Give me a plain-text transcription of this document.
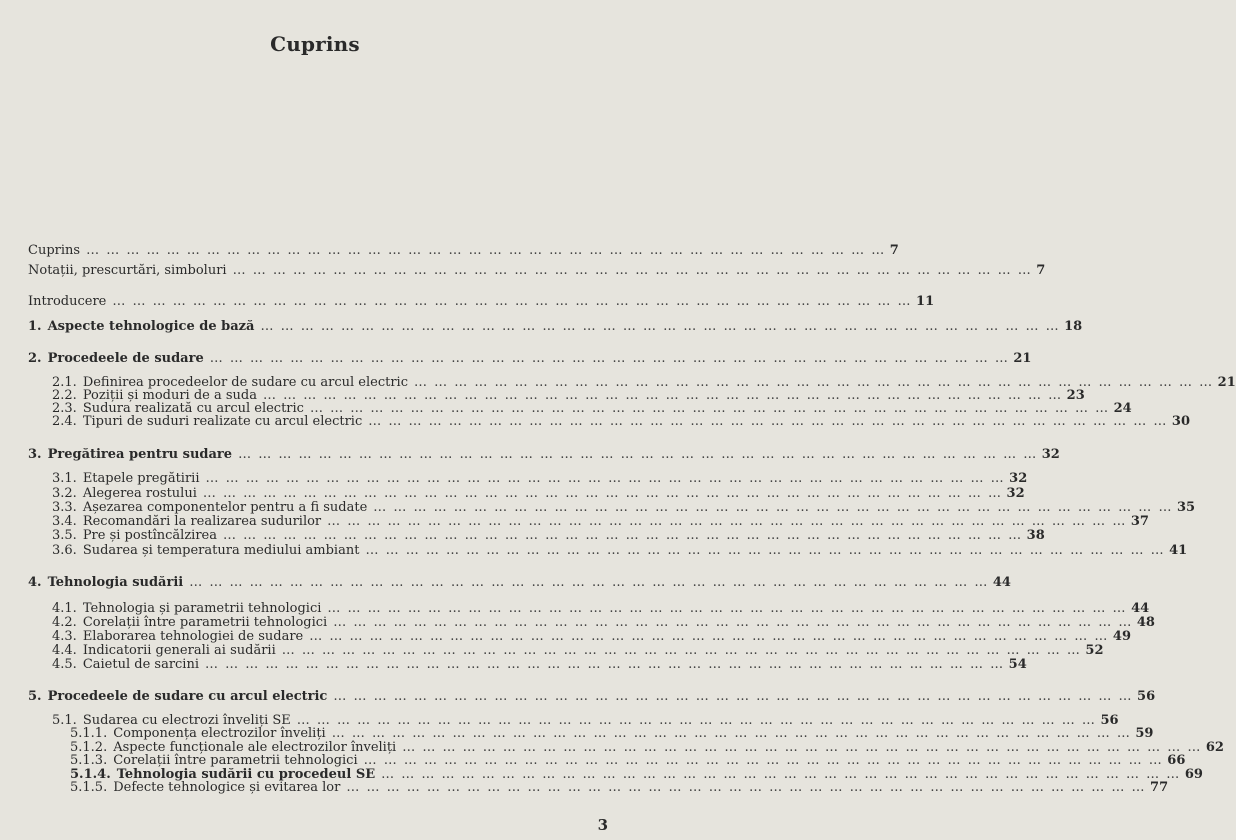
Cuprins
Cuprins … … … … … … … … … … … … … … … … … … … … … … … … … … … … … … … … … … … … … … … … 7
Notații, prescurtări, simboluri … … … … … … … … … … … … … … … … … … … … … … … … … … … … … … … … … … … … … … … … 7
Introducere … … … … … … … … … … … … … … … … … … … … … … … … … … … … … … … … … … … … … … … … 11
1. Aspecte tehnologice de bază … … … … … … … … … … … … … … … … … … … … … … … … … … … … … … … … … … … … … … … … 18
2. Procedeele de sudare … … … … … … … … … … … … … … … … … … … … … … … … … … … … … … … … … … … … … … … … 21
2.1. Definirea procedeelor de sudare cu arcul electric … … … … … … … … … … … … … … … … … … … … … … … … … … … … … … … … … … … … … … … … 21
2.2. Poziții și moduri de a suda … … … … … … … … … … … … … … … … … … … … … … … … … … … … … … … … … … … … … … … … 23
2.3. Sudura realizată cu arcul electric … … … … … … … … … … … … … … … … … … … … … … … … … … … … … … … … … … … … … … … … 24
2.4. Tipuri de suduri realizate cu arcul electric … … … … … … … … … … … … … … … … … … … … … … … … … … … … … … … … … … … … … … … … 30
3. Pregătirea pentru sudare … … … … … … … … … … … … … … … … … … … … … … … … … … … … … … … … … … … … … … … … 32
3.1. Etapele pregătirii … … … … … … … … … … … … … … … … … … … … … … … … … … … … … … … … … … … … … … … … 32
3.2. Alegerea rostului … … … … … … … … … … … … … … … … … … … … … … … … … … … … … … … … … … … … … … … … 32
3.3. Așezarea componentelor pentru a fi sudate … … … … … … … … … … … … … … … … … … … … … … … … … … … … … … … … … … … … … … … … 35
3.4. Recomandări la realizarea sudurilor … … … … … … … … … … … … … … … … … … … … … … … … … … … … … … … … … … … … … … … … 37
3.5. Pre și postîncălzirea … … … … … … … … … … … … … … … … … … … … … … … … … … … … … … … … … … … … … … … … 38
3.6. Sudarea și temperatura mediului ambiant … … … … … … … … … … … … … … … … … … … … … … … … … … … … … … … … … … … … … … … … 41
4. Tehnologia sudării … … … … … … … … … … … … … … … … … … … … … … … … … … … … … … … … … … … … … … … … 44
4.1. Tehnologia și parametrii tehnologici … … … … … … … … … … … … … … … … … … … … … … … … … … … … … … … … … … … … … … … … 44
4.2. Corelații între parametrii tehnologici … … … … … … … … … … … … … … … … … … … … … … … … … … … … … … … … … … … … … … … … 48
4.3. Elaborarea tehnologiei de sudare … … … … … … … … … … … … … … … … … … … … … … … … … … … … … … … … … … … … … … … … 49
4.4. Indicatorii generali ai sudării … … … … … … … … … … … … … … … … … … … … … … … … … … … … … … … … … … … … … … … … 52
4.5. Caietul de sarcini … … … … … … … … … … … … … … … … … … … … … … … … … … … … … … … … … … … … … … … … 54
5. Procedeele de sudare cu arcul electric … … … … … … … … … … … … … … … … … … … … … … … … … … … … … … … … … … … … … … … … 56
5.1. Sudarea cu electrozi înveliți SE … … … … … … … … … … … … … … … … … … … … … … … … … … … … … … … … … … … … … … … … 56
5.1.1. Componența electrozilor înveliți … … … … … … … … … … … … … … … … … … … … … … … … … … … … … … … … … … … … … … … … 59
5.1.2. Aspecte funcționale ale electrozilor înveliți … … … … … … … … … … … … … … … … … … … … … … … … … … … … … … … … … … … … … … … … 62
5.1.3. Corelații între parametrii tehnologici … … … … … … … … … … … … … … … … … … … … … … … … … … … … … … … … … … … … … … … … 66
5.1.4. Tehnologia sudării cu procedeul SE … … … … … … … … … … … … … … … … … … … … … … … … … … … … … … … … … … … … … … … … 69
5.1.5. Defecte tehnologice și evitarea lor … … … … … … … … … … … … … … … … … … … … … … … … … … … … … … … … … … … … … … … … 77
3
